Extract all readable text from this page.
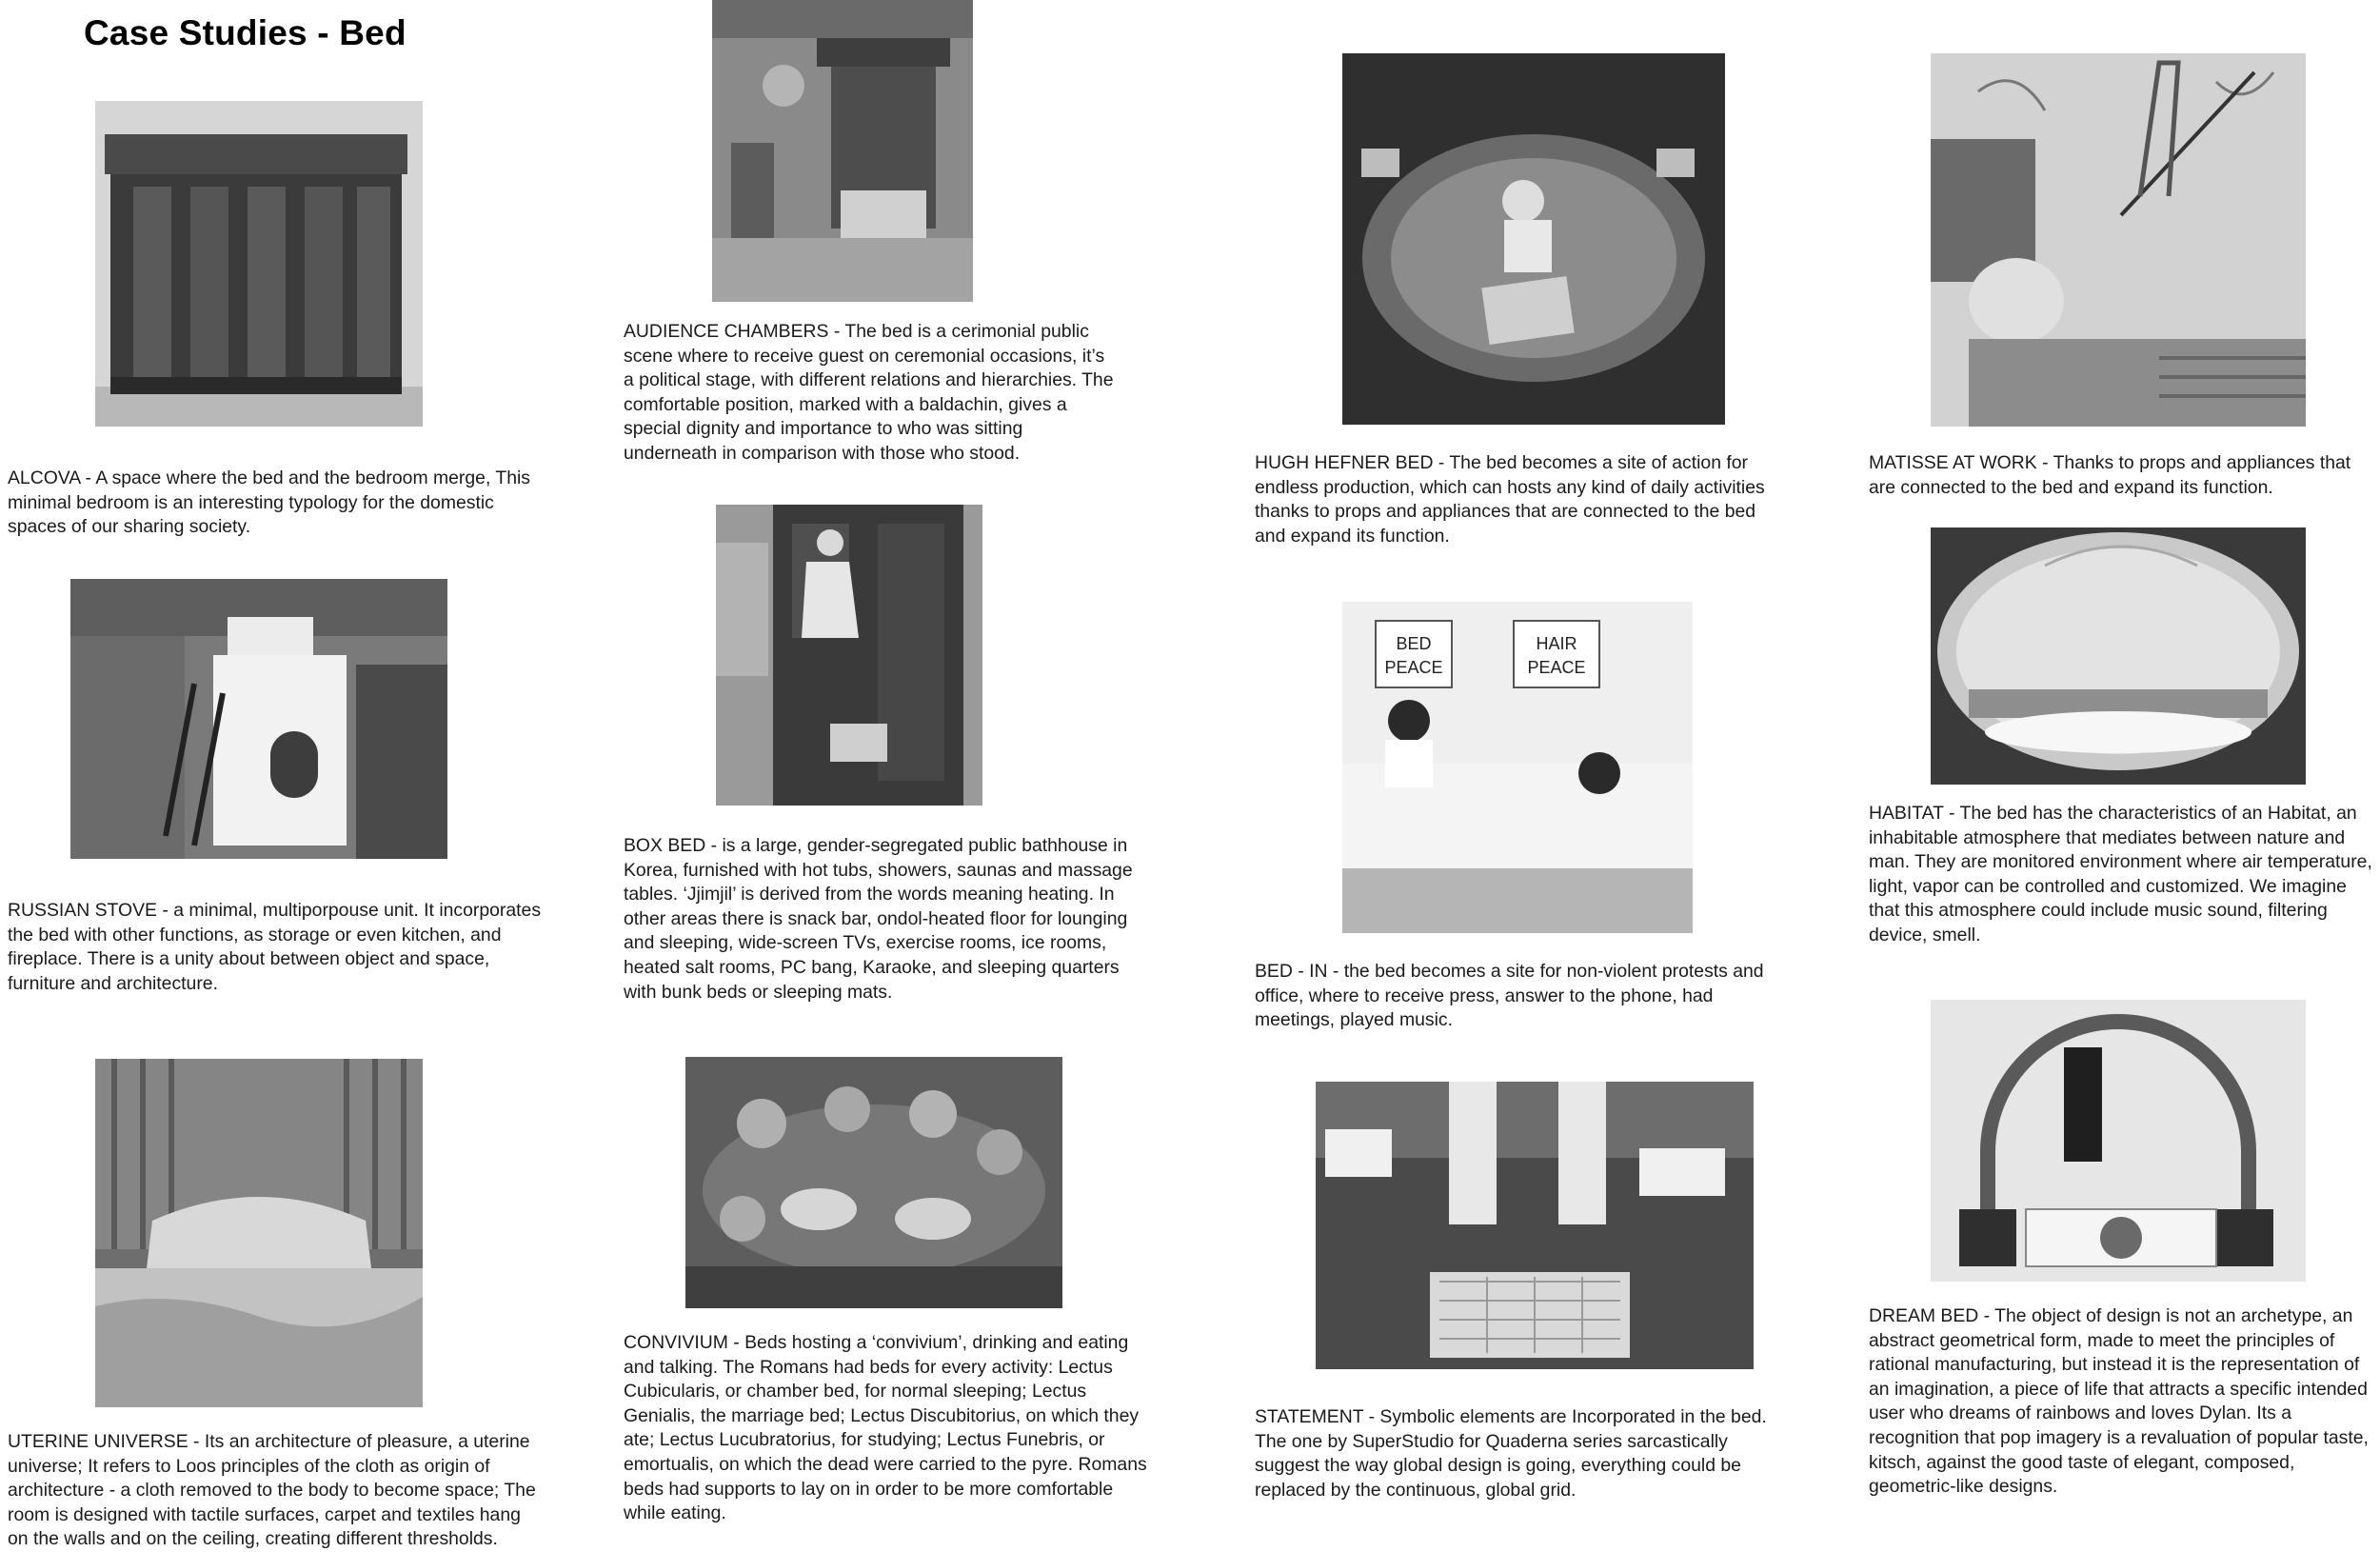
Case Studies - Bed

ALCOVA - A space where the bed and the bedroom merge, This minimal bedroom is an interesting typology for the domestic spaces of our sharing society.

RUSSIAN STOVE - a minimal, multiporpouse unit. It incorporates the bed with other functions, as storage or even kitchen, and fireplace. There is a unity about between object and space, furniture and architecture.

UTERINE UNIVERSE - Its an architecture of pleasure, a uterine universe; It refers to Loos principles of the cloth as origin of architecture - a cloth removed to the body to become space; The room is designed with tactile surfaces, carpet and textiles hang on the walls and on the ceiling, creating different thresholds.

AUDIENCE CHAMBERS - The bed is a cerimonial public scene where to receive guest on ceremonial occasions, it’s a political stage, with different relations and hierarchies. The comfortable position, marked with a baldachin, gives a special dignity and importance to who was sitting underneath in comparison with those who stood.

BOX BED - is a large, gender-segregated public bathhouse in Korea, furnished with hot tubs, showers, saunas and massage tables. ‘Jjimjil’ is derived from the words meaning heating. In other areas there is snack bar, ondol-heated floor for lounging and sleeping, wide-screen TVs, exercise rooms, ice rooms, heated salt rooms, PC bang, Karaoke, and sleeping quarters with bunk beds or sleeping mats.

CONVIVIUM - Beds hosting a ‘convivium’, drinking and eating and talking. The Romans had beds for every activity: Lectus Cubicularis, or chamber bed, for normal sleeping; Lectus Genialis, the marriage bed; Lectus Discubitorius, on which they ate; Lectus Lucubratorius, for studying; Lectus Funebris, or emortualis, on which the dead were carried to the pyre. Romans beds had supports to lay on in order to be more comfortable while eating.

HUGH HEFNER BED - The bed becomes a site of action for endless production, which can hosts any kind of daily activities thanks to props and appliances that are connected to the bed and expand its function.

BED
PEACE
HAIR
PEACE

BED - IN - the bed becomes a site for non-violent protests and office, where to receive press, answer to the phone, had meetings, played music.

STATEMENT - Symbolic elements are Incorporated in the bed. The one by SuperStudio for Quaderna series sarcastically suggest the way global design is going, everything could be replaced by the continuous, global grid.

MATISSE AT WORK - Thanks to props and appliances that are connected to the bed and expand its function.

HABITAT - The bed has the characteristics of an Habitat, an inhabitable atmosphere that mediates between nature and man. They are monitored environment where air temperature, light, vapor can be controlled and customized. We imagine that this atmosphere could include music sound, filtering device, smell.

DREAM BED - The object of design is not an archetype, an abstract geometrical form, made to meet the principles of rational manufacturing, but instead it is the representation of an imagination, a piece of life that attracts a specific intended user who dreams of rainbows and loves Dylan. Its a recognition that pop imagery is a revaluation of popular taste, kitsch, against the good taste of elegant, composed, geometric-like designs.
